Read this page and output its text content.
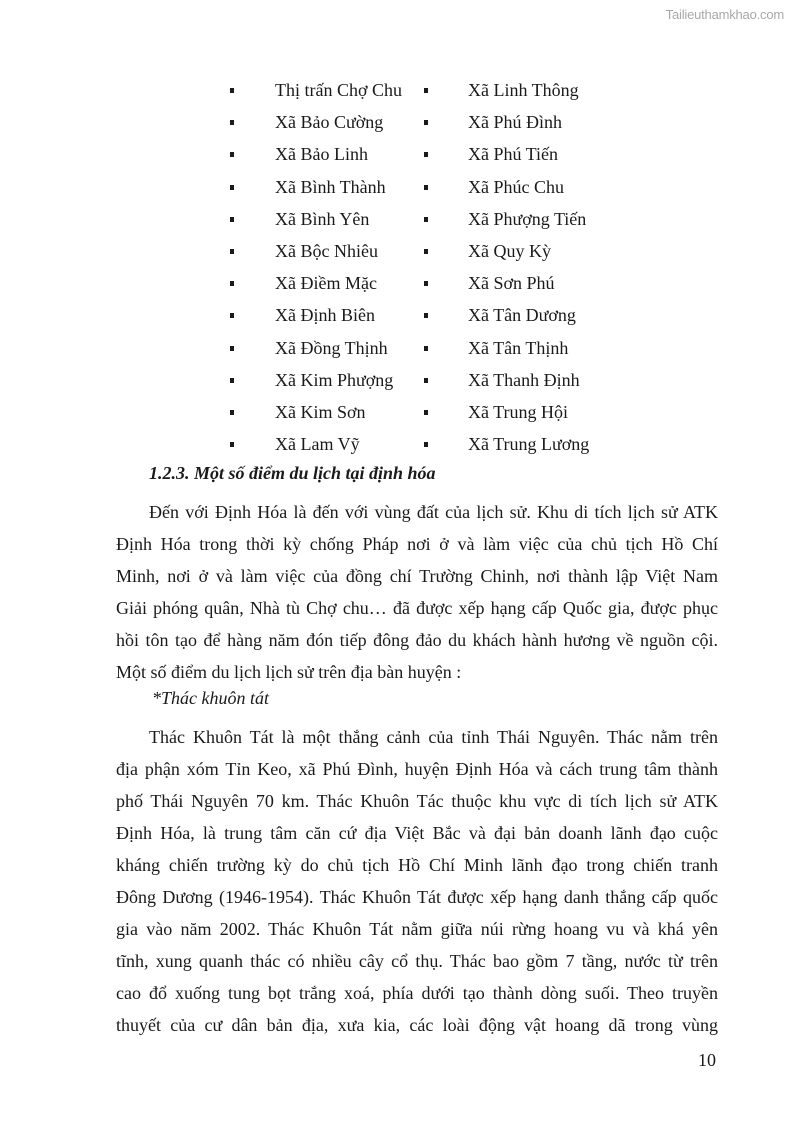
Tailieuthamkhao.com
Thị trấn Chợ Chu	Xã Linh Thông
Xã Bảo Cường	Xã Phú Đình
Xã Bảo Linh	Xã Phú Tiến
Xã Bình Thành	Xã Phúc Chu
Xã Bình Yên	Xã Phượng Tiến
Xã Bộc Nhiêu	Xã Quy Kỳ
Xã Điềm Mặc	Xã Sơn Phú
Xã Định Biên	Xã Tân Dương
Xã Đồng Thịnh	Xã Tân Thịnh
Xã Kim Phượng	Xã Thanh Định
Xã Kim Sơn	Xã Trung Hội
Xã Lam Vỹ	Xã Trung Lương
1.2.3. Một số điểm du lịch tại định hóa
Đến với Định Hóa là đến với vùng đất của lịch sử. Khu di tích lịch sử ATK
Định Hóa trong thời kỳ chống Pháp nơi ở và làm việc của chủ tịch Hồ Chí
Minh, nơi ở và làm việc của đồng chí Trường Chinh, nơi thành lập Việt Nam
Giải phóng quân, Nhà tù Chợ chu… đã được xếp hạng cấp Quốc gia, được phục
hồi tôn tạo để hàng năm đón tiếp đông đảo du khách hành hương về nguồn cội.
Một số điểm du lịch lịch sử trên địa bàn huyện :
*Thác khuôn tát
Thác Khuôn Tát là một thắng cảnh của tỉnh Thái Nguyên. Thác nằm trên
địa phận xóm Tỉn Keo, xã Phú Đình, huyện Định Hóa và cách trung tâm thành
phố Thái Nguyên 70 km. Thác Khuôn Tác thuộc khu vực di tích lịch sử ATK
Định Hóa, là trung tâm căn cứ địa Việt Bắc và đại bản doanh lãnh đạo cuộc
kháng chiến trường kỳ do chủ tịch Hồ Chí Minh lãnh đạo trong chiến tranh
Đông Dương (1946-1954). Thác Khuôn Tát được xếp hạng danh thắng cấp quốc
gia vào năm 2002. Thác Khuôn Tát nằm giữa núi rừng hoang vu và khá yên
tĩnh, xung quanh thác có nhiều cây cổ thụ. Thác bao gồm 7 tầng, nước từ trên
cao đổ xuống tung bọt trắng xoá, phía dưới tạo thành dòng suối. Theo truyền
thuyết của cư dân bản địa, xưa kia, các loài động vật hoang dã trong vùng
10
